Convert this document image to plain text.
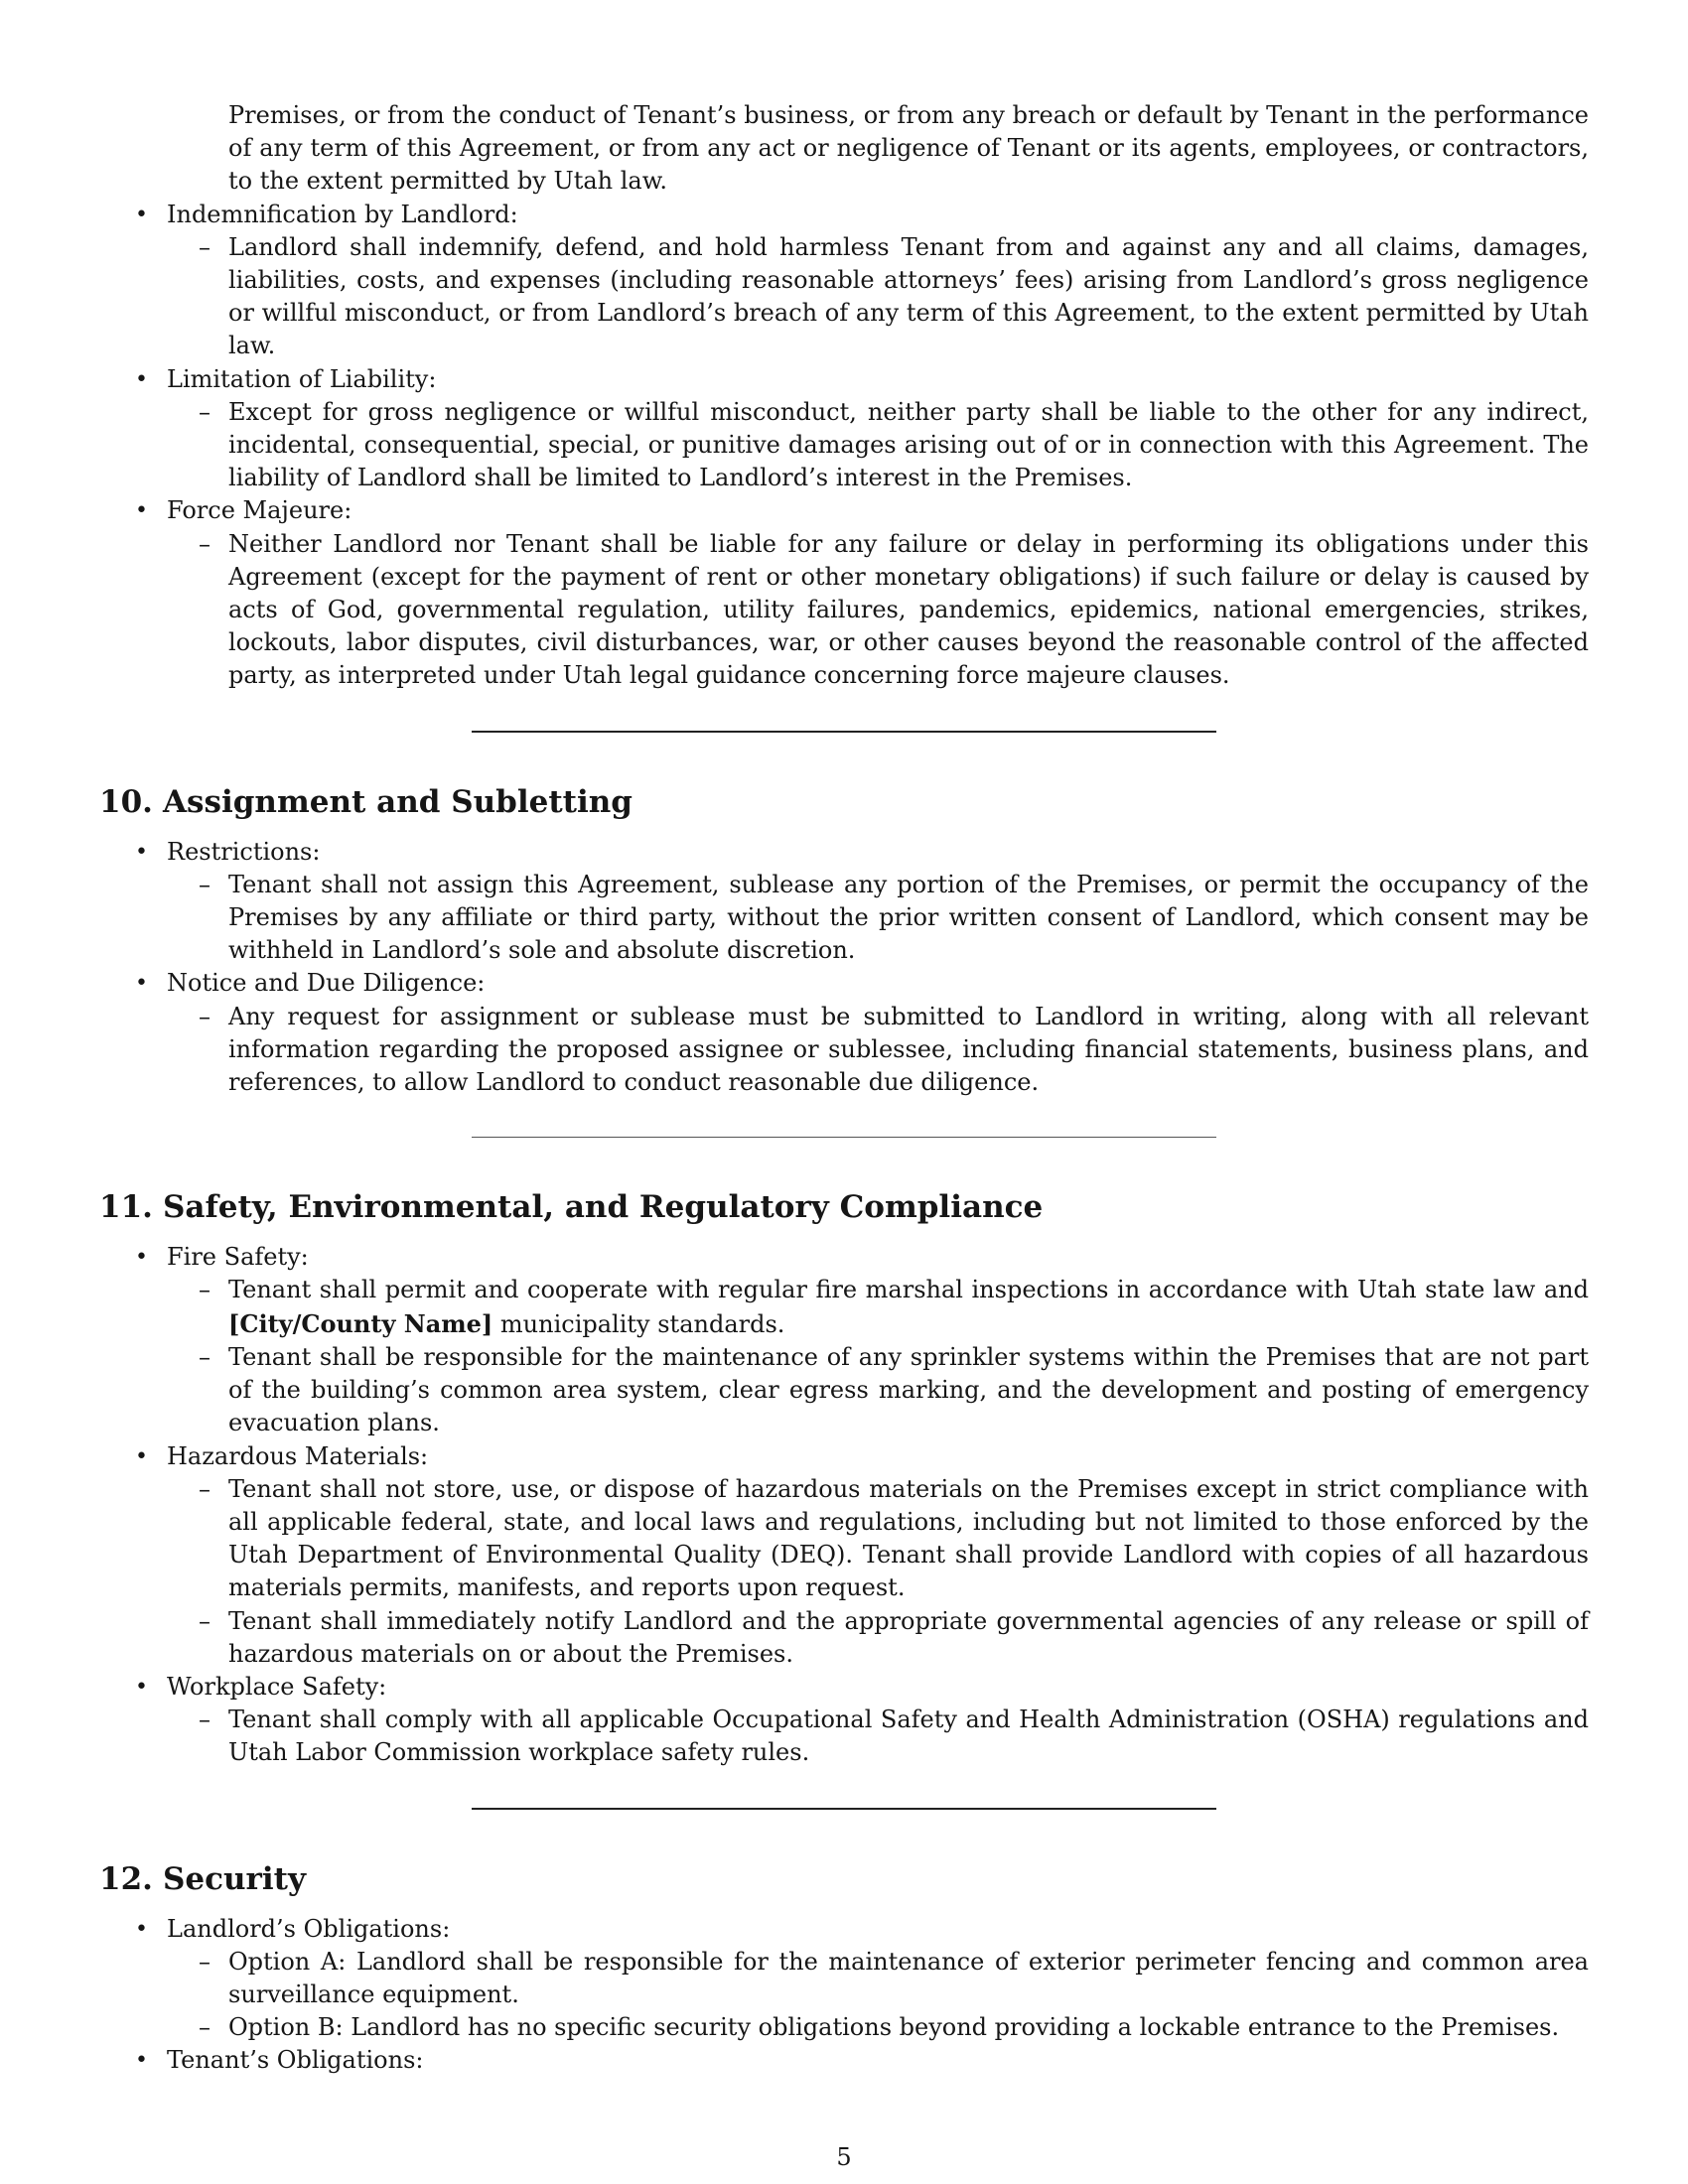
Premises, or from the conduct of Tenant’s business, or from any breach or default by Tenant in the performance of any term of this Agreement, or from any act or negligence of Tenant or its agents, employees, or contractors, to the extent permitted by Utah law.
• Indemnification by Landlord:
– Landlord shall indemnify, defend, and hold harmless Tenant from and against any and all claims, damages, liabilities, costs, and expenses (including reasonable attorneys’ fees) arising from Landlord’s gross negligence or willful misconduct, or from Landlord’s breach of any term of this Agreement, to the extent permitted by Utah law.
• Limitation of Liability:
– Except for gross negligence or willful misconduct, neither party shall be liable to the other for any indirect, incidental, consequential, special, or punitive damages arising out of or in connection with this Agreement. The liability of Landlord shall be limited to Landlord’s interest in the Premises.
• Force Majeure:
– Neither Landlord nor Tenant shall be liable for any failure or delay in performing its obligations under this Agreement (except for the payment of rent or other monetary obligations) if such failure or delay is caused by acts of God, governmental regulation, utility failures, pandemics, epidemics, national emergencies, strikes, lockouts, labor disputes, civil disturbances, war, or other causes beyond the reasonable control of the affected party, as interpreted under Utah legal guidance concerning force majeure clauses.
10. Assignment and Subletting
• Restrictions:
– Tenant shall not assign this Agreement, sublease any portion of the Premises, or permit the occupancy of the Premises by any affiliate or third party, without the prior written consent of Landlord, which consent may be withheld in Landlord’s sole and absolute discretion.
• Notice and Due Diligence:
– Any request for assignment or sublease must be submitted to Landlord in writing, along with all relevant information regarding the proposed assignee or sublessee, including financial statements, business plans, and references, to allow Landlord to conduct reasonable due diligence.
11. Safety, Environmental, and Regulatory Compliance
• Fire Safety:
– Tenant shall permit and cooperate with regular fire marshal inspections in accordance with Utah state law and [City/County Name] municipality standards.
– Tenant shall be responsible for the maintenance of any sprinkler systems within the Premises that are not part of the building’s common area system, clear egress marking, and the development and posting of emergency evacuation plans.
• Hazardous Materials:
– Tenant shall not store, use, or dispose of hazardous materials on the Premises except in strict compliance with all applicable federal, state, and local laws and regulations, including but not limited to those enforced by the Utah Department of Environmental Quality (DEQ). Tenant shall provide Landlord with copies of all hazardous materials permits, manifests, and reports upon request.
– Tenant shall immediately notify Landlord and the appropriate governmental agencies of any release or spill of hazardous materials on or about the Premises.
• Workplace Safety:
– Tenant shall comply with all applicable Occupational Safety and Health Administration (OSHA) regulations and Utah Labor Commission workplace safety rules.
12. Security
• Landlord’s Obligations:
– Option A: Landlord shall be responsible for the maintenance of exterior perimeter fencing and common area surveillance equipment.
– Option B: Landlord has no specific security obligations beyond providing a lockable entrance to the Premises.
• Tenant’s Obligations:
5
